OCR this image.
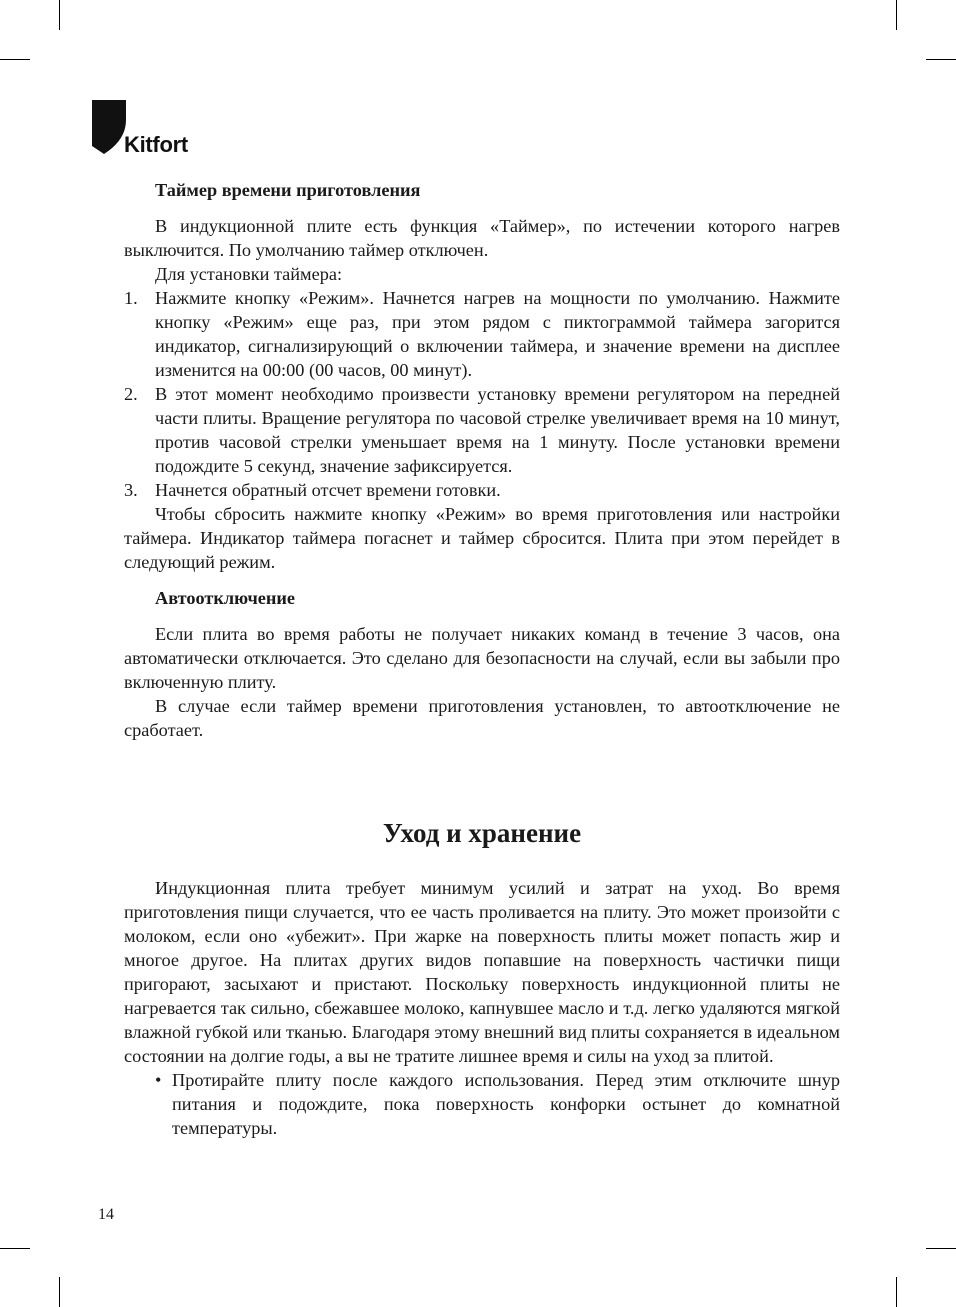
Kitfort
Таймер времени приготовления

В индукционной плите есть функция «Таймер», по истечении которого нагрев выключится. По умолчанию таймер отключен.

Для установки таймера:

1. Нажмите кнопку «Режим». Начнется нагрев на мощности по умолчанию. Нажмите кнопку «Режим» еще раз, при этом рядом с пиктограммой таймера загорится индикатор, сигнализирующий о включении таймера, и значение времени на дисплее изменится на 00:00 (00 часов, 00 минут).
2. В этот момент необходимо произвести установку времени регулятором на передней части плиты. Вращение регулятора по часовой стрелке увеличивает время на 10 минут, против часовой стрелки уменьшает время на 1 минуту. После установки времени подождите 5 секунд, значение зафиксируется.
3. Начнется обратный отсчет времени готовки.

Чтобы сбросить нажмите кнопку «Режим» во время приготовления или настройки таймера. Индикатор таймера погаснет и таймер сбросится. Плита при этом перейдет в следующий режим.

Автоотключение

Если плита во время работы не получает никаких команд в течение 3 часов, она автоматически отключается. Это сделано для безопасности на случай, если вы забыли про включенную плиту.

В случае если таймер времени приготовления установлен, то автоотключение не сработает.

Уход и хранение

Индукционная плита требует минимум усилий и затрат на уход. Во время приготовления пищи случается, что ее часть проливается на плиту. Это может произойти с молоком, если оно «убежит». При жарке на поверхность плиты может попасть жир и многое другое. На плитах других видов попавшие на поверхность частички пищи пригорают, засыхают и пристают. Поскольку поверхность индукционной плиты не нагревается так сильно, сбежавшее молоко, капнувшее масло и т.д. легко удаляются мягкой влажной губкой или тканью. Благодаря этому внешний вид плиты сохраняется в идеальном состоянии на долгие годы, а вы не тратите лишнее время и силы на уход за плитой.

• Протирайте плиту после каждого использования. Перед этим отключите шнур питания и подождите, пока поверхность конфорки остынет до комнатной температуры.
14
